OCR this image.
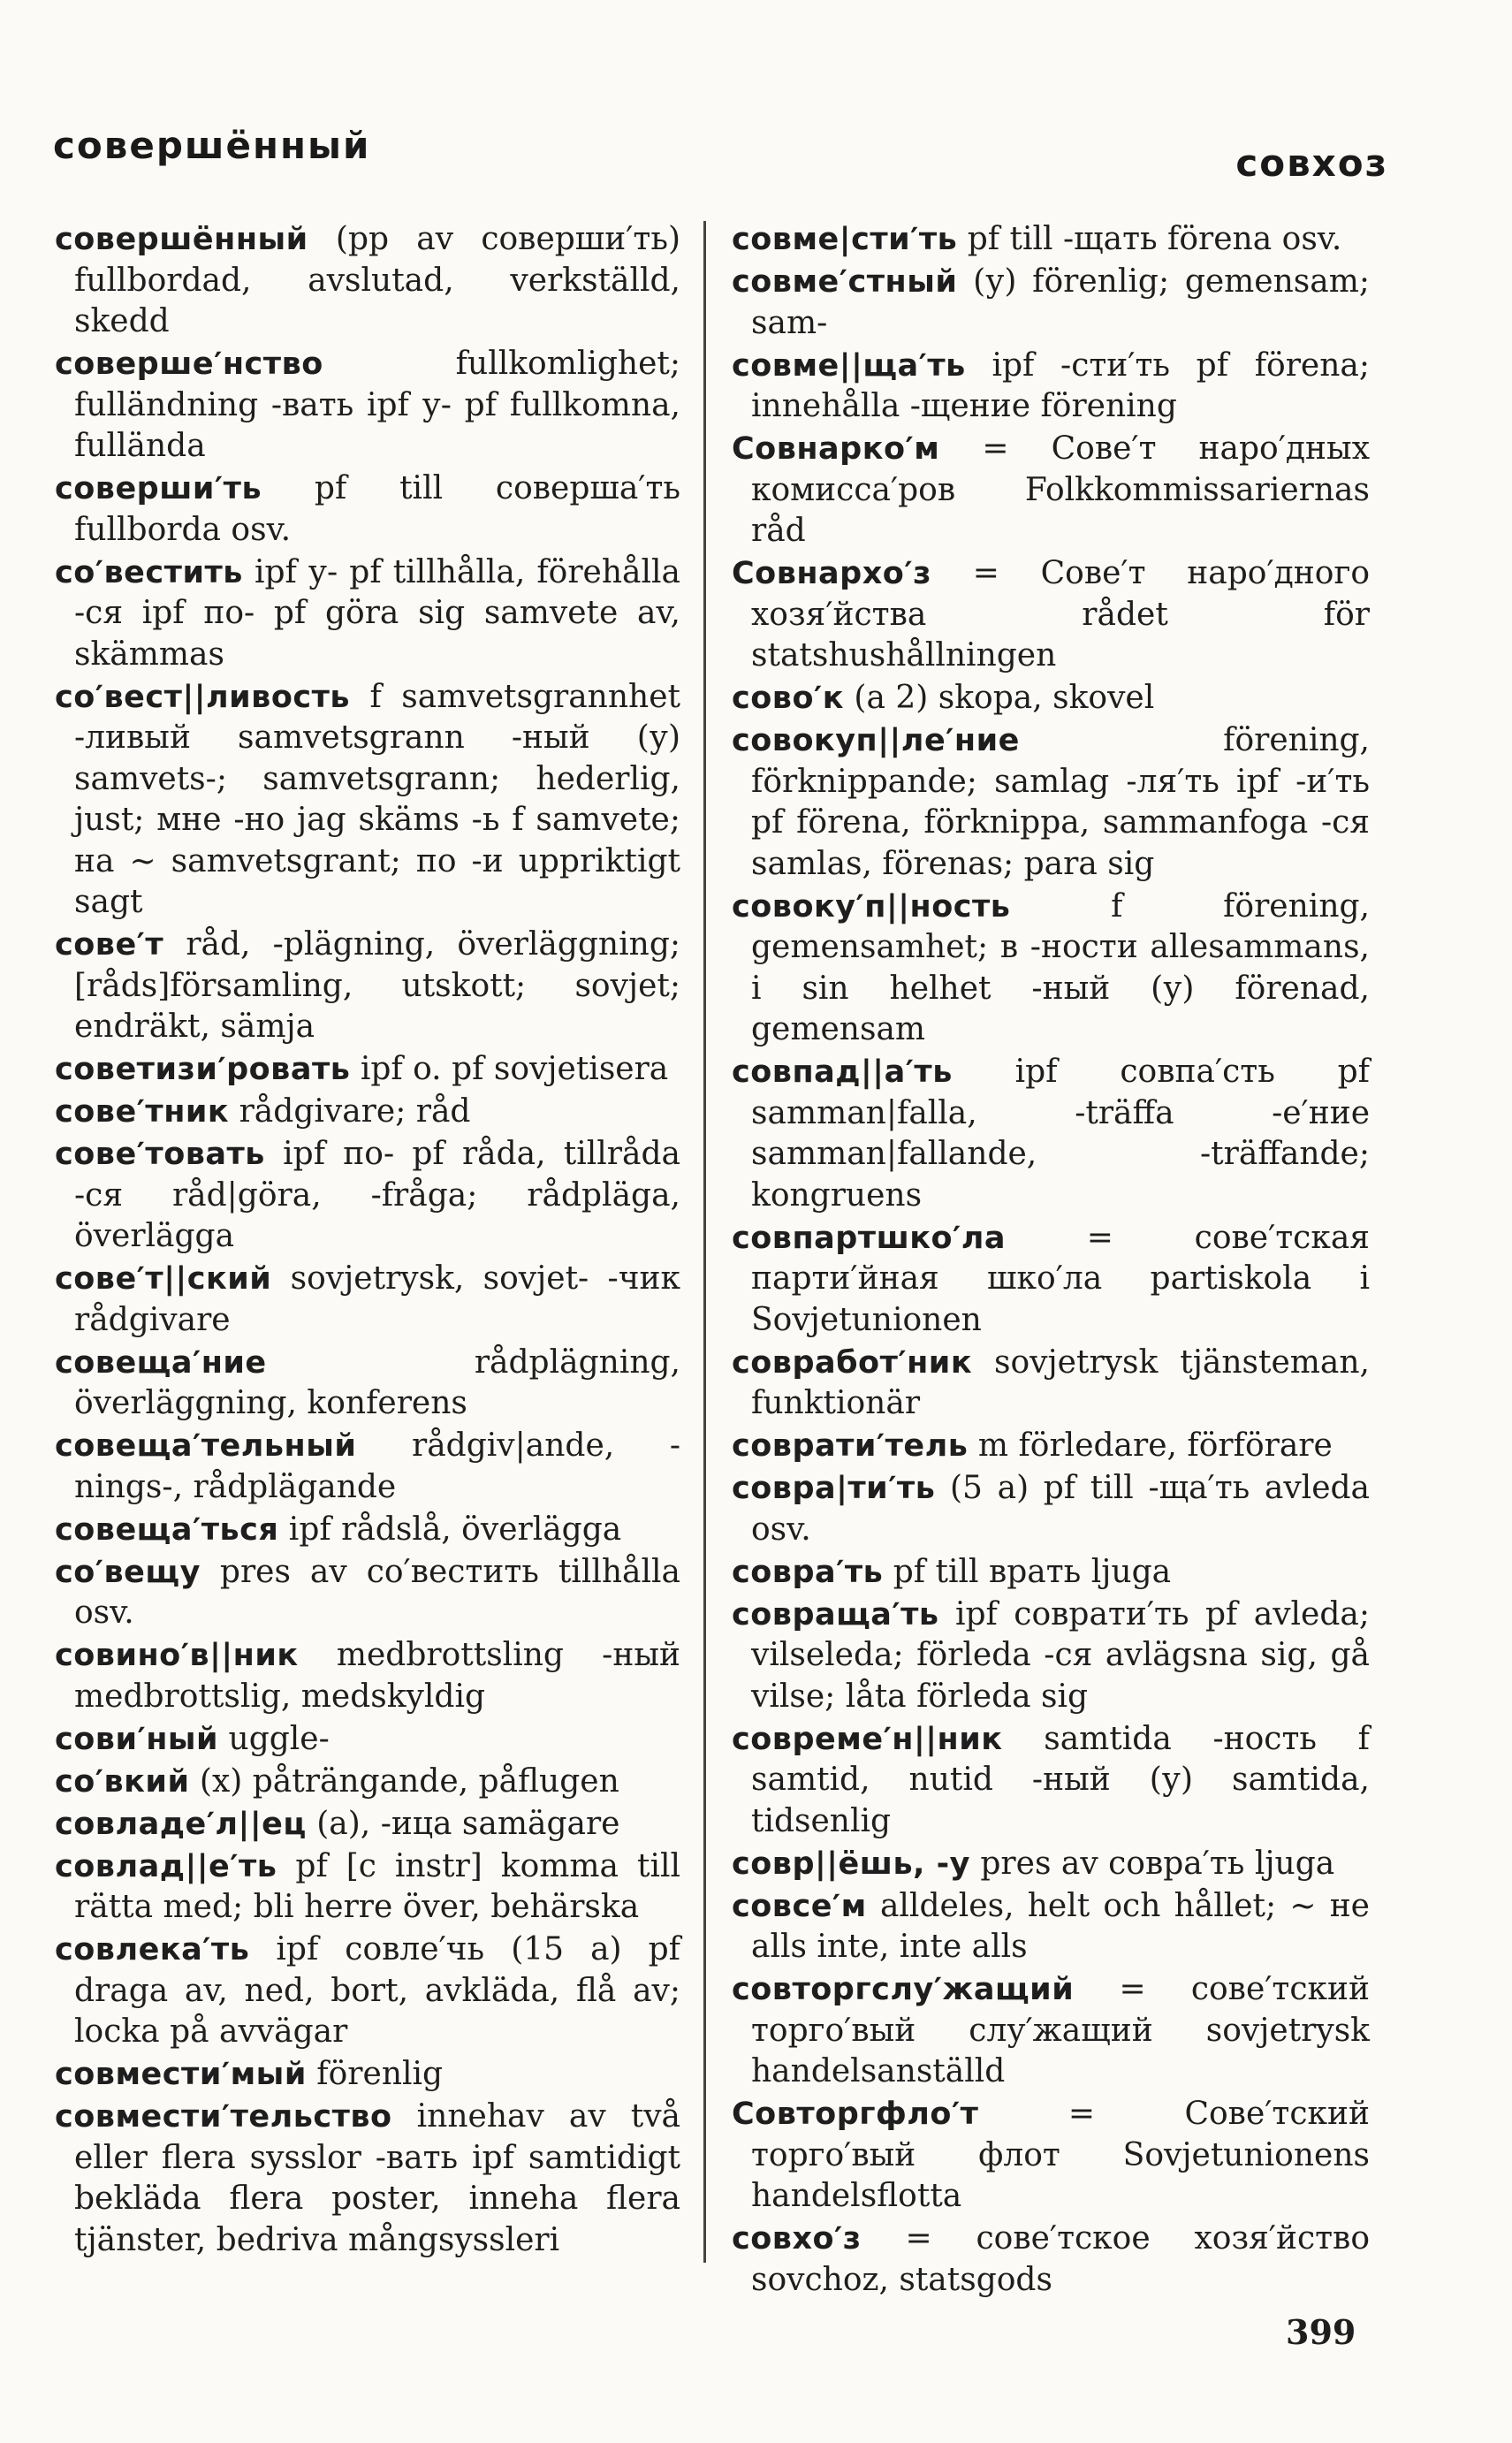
совершённый	совхоз

совершённый (pp av соверши′ть) fullbordad, avslutad, verkställd, skedd

соверше′нство fullkomlighet; fulländning -вать ipf у- pf fullkomna, fulländа

соверши′ть pf till соверша′ть fullborda osv.

со′вестить ipf у- pf tillhålla, förehålla -ся ipf по- pf göra sig samvete av, skämmas

со′вест||ливость f samvetsgrannhet -ливый samvetsgrann -ный (у) samvets-; samvetsgrann; hederlig, just; мне -но jag skäms -ь f samvete; на ~ samvetsgrant; по -и uppriktigt sagt

сове′т råd, -plägning, överläggning; [råds]församling, utskott; sovjet; endräkt, sämja

советизи′ровать ipf o. pf sovjetisera

сове′тник rådgivare; råd

сове′товать ipf по- pf råda, tillråda -ся råd|göra, -fråga; rådpläga, överlägga

сове′т||ский sovjetrysk, sovjet- -чик rådgivare

совеща′ние rådplägning, överläggning, konferens

совеща′тельный rådgiv|ande, -nings-, rådplägande

совеща′ться ipf rådslå, överlägga

со′вещу pres av со′вестить tillhålla osv.

совино′в||ник medbrottsling -ный medbrottslig, medskyldig

сови′ный uggle-

со′вкий (х) påträngande, påflugen

совладе′л||ец (а), -ица samägare

совлад||е′ть pf [с instr] komma till rätta med; bli herre över, behärska

совлека′ть ipf совле′чь (15 а) pf draga av, ned, bort, avkläda, flå av; locka på avvägar

совмести′мый förenlig

совмести′тельство innehav av två eller flera sysslor -вать ipf samtidigt bekläda flera poster, inneha flera tjänster, bedriva mångsyssleri

совме|сти′ть pf till -щать förena osv.

совме′стный (у) förenlig; gemensam; sam-

совме||ща′ть ipf -сти′ть pf förena; innehålla -щение förening

Совнарко′м = Сове′т наро′дных комисса′ров Folkkommissariernas råd

Совнархо′з = Сове′т наро′дного хозя′йства rådet för statshushållningen

сово′к (а 2) skopa, skovel

совокуп||ле′ние förening, förknippande; samlag -ля′ть ipf -и′ть pf förena, förknippa, sammanfoga -ся samlas, förenas; para sig

совоку′п||ность f förening, gemensamhet; в -ности allesammans, i sin helhet -ный (у) förenad, gemensam

совпад||а′ть ipf совпа′сть pf samman|falla, -träffa -е′ние samman|fallande, -träffande; kongruens

совпартшко′ла = сове′тская парти′йная шко′ла partiskola i Sovjetunionen

совработ′ник sovjetrysk tjänsteman, funktionär

соврати′тель m förledare, förförare

совра|ти′ть (5 а) pf till -ща′ть avleda osv.

совра′ть pf till врать ljuga

совраща′ть ipf соврати′ть pf avleda; vilseleda; förleda -ся avlägsna sig, gå vilse; låta förleda sig

совреме′н||ник samtida -ность f samtid, nutid -ный (у) samtida, tidsenlig

совр||ёшь, -у pres av совра′ть ljuga

совсе′м alldeles, helt och hållet; ~ не alls inte, inte alls

совторгслу′жащий = сове′тский торго′вый слу′жащий sovjetrysk handelsanställd

Совторгфло′т = Сове′тский торго′вый флот Sovjetunionens handelsflotta

совхо′з = сове′тское хозя′йство sovchoz, statsgods

399
